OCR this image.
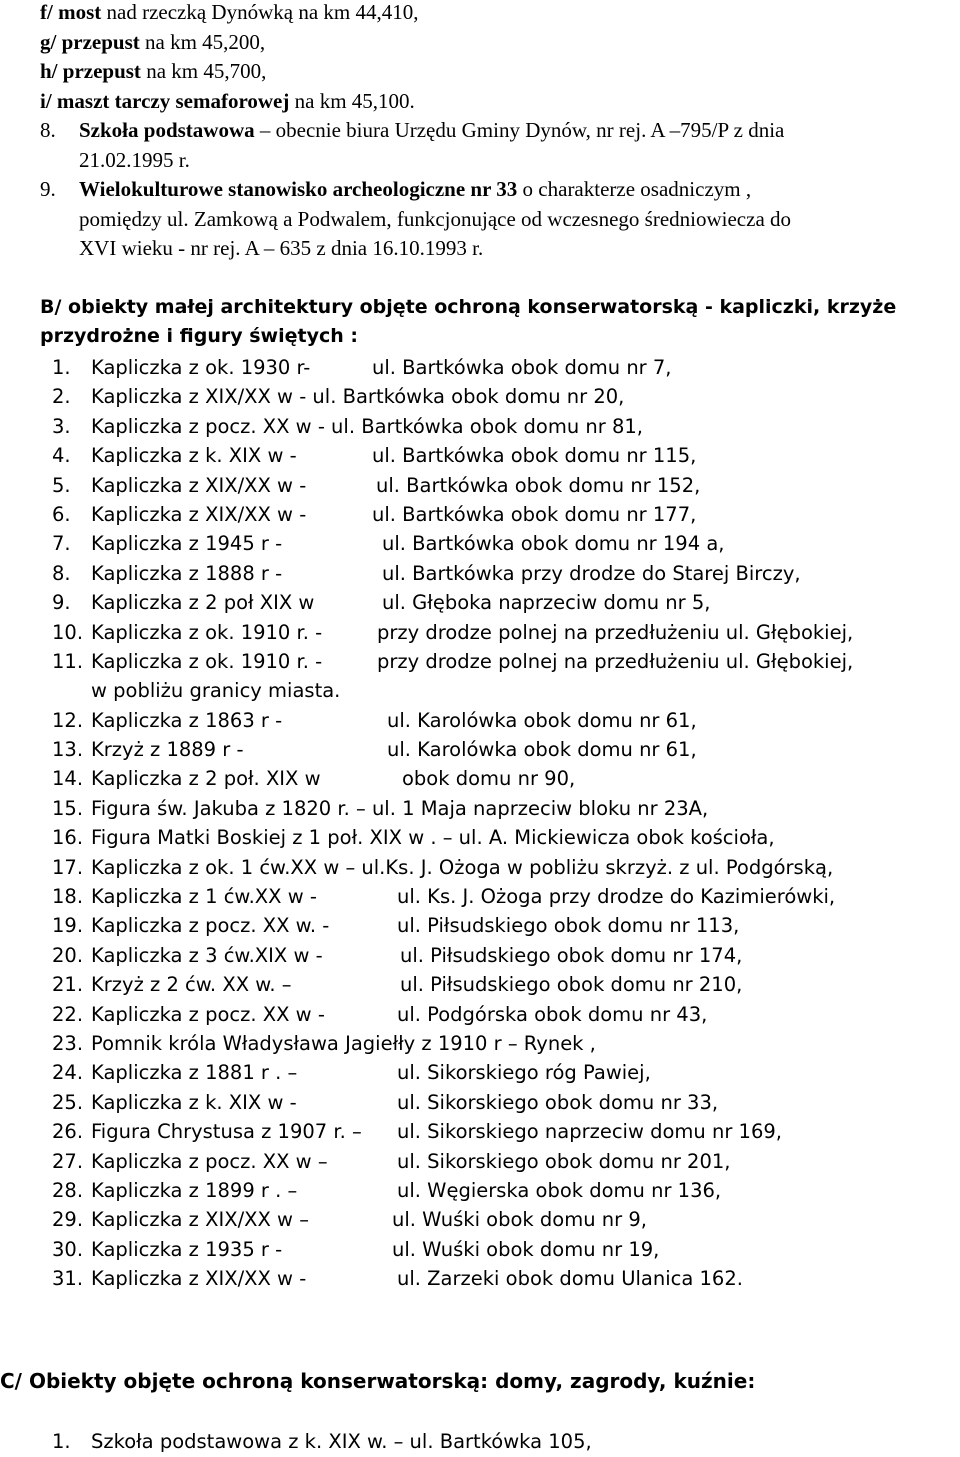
f/ most nad rzeczką Dynówką na km 44,410,
g/ przepust na km 45,200,
h/ przepust na km 45,700,
i/ maszt tarczy semaforowej na km 45,100.
8. Szkoła podstawowa – obecnie biura Urzędu Gminy Dynów, nr rej. A –795/P z dnia
21.02.1995 r.
9. Wielokulturowe stanowisko archeologiczne nr 33 o charakterze osadniczym ,
pomiędzy ul. Zamkową a Podwalem, funkcjonujące od wczesnego średniowiecza do
XVI wieku - nr rej. A – 635 z dnia 16.10.1993 r.
B/ obiekty małej architektury objęte ochroną konserwatorską - kapliczki, krzyże
przydrożne i figury świętych :
1. Kapliczka z ok. 1930 r-	ul. Bartkówka obok domu nr 7,
2. Kapliczka z XIX/XX w - ul. Bartkówka obok domu nr 20,
3. Kapliczka z pocz. XX w - ul. Bartkówka obok domu nr 81,
4. Kapliczka z k. XIX w -	ul. Bartkówka obok domu nr 115,
5. Kapliczka z XIX/XX w -	ul. Bartkówka obok domu nr 152,
6. Kapliczka z XIX/XX w -	ul. Bartkówka obok domu nr 177,
7. Kapliczka z 1945 r -	ul. Bartkówka obok domu nr 194 a,
8. Kapliczka z 1888 r -	ul. Bartkówka przy drodze do Starej Birczy,
9. Kapliczka z 2 poł XIX w	ul. Głęboka naprzeciw domu nr 5,
10. Kapliczka z ok. 1910 r. -	przy drodze polnej na przedłużeniu ul. Głębokiej,
11. Kapliczka z ok. 1910 r. -	przy drodze polnej na przedłużeniu ul. Głębokiej,
w pobliżu granicy miasta.
12. Kapliczka z 1863 r -	ul. Karolówka obok domu nr 61,
13. Krzyż z 1889 r -	ul. Karolówka obok domu nr 61,
14. Kapliczka z 2 poł. XIX w	obok domu nr 90,
15. Figura św. Jakuba z 1820 r. – ul. 1 Maja naprzeciw bloku nr 23A,
16. Figura Matki Boskiej z 1 poł. XIX w . – ul. A. Mickiewicza obok kościoła,
17. Kapliczka z ok. 1 ćw.XX w – ul.Ks. J. Ożoga w pobliżu skrzyż. z ul. Podgórską,
18. Kapliczka z 1 ćw.XX w -	ul. Ks. J. Ożoga przy drodze do Kazimierówki,
19. Kapliczka z pocz. XX w. -	ul. Piłsudskiego obok domu nr 113,
20. Kapliczka z 3 ćw.XIX w -	ul. Piłsudskiego obok domu nr 174,
21. Krzyż z 2 ćw. XX w. –	ul. Piłsudskiego obok domu nr 210,
22. Kapliczka z pocz. XX w -	ul. Podgórska obok domu nr 43,
23. Pomnik króla Władysława Jagiełły z 1910 r – Rynek ,
24. Kapliczka z 1881 r . –	ul. Sikorskiego róg Pawiej,
25. Kapliczka z k. XIX w -	ul. Sikorskiego obok domu nr 33,
26. Figura Chrystusa z 1907 r. – ul. Sikorskiego naprzeciw domu nr 169,
27. Kapliczka z pocz. XX w –	ul. Sikorskiego obok domu nr 201,
28. Kapliczka z 1899 r . –	ul. Węgierska obok domu nr 136,
29. Kapliczka z XIX/XX w –	ul. Wuśki obok domu nr 9,
30. Kapliczka z 1935 r -	ul. Wuśki obok domu nr 19,
31. Kapliczka z XIX/XX w -	ul. Zarzeki obok domu Ulanica 162.
C/ Obiekty objęte ochroną konserwatorską: domy, zagrody, kuźnie:
1. Szkoła podstawowa z k. XIX w. – ul. Bartkówka 105,
